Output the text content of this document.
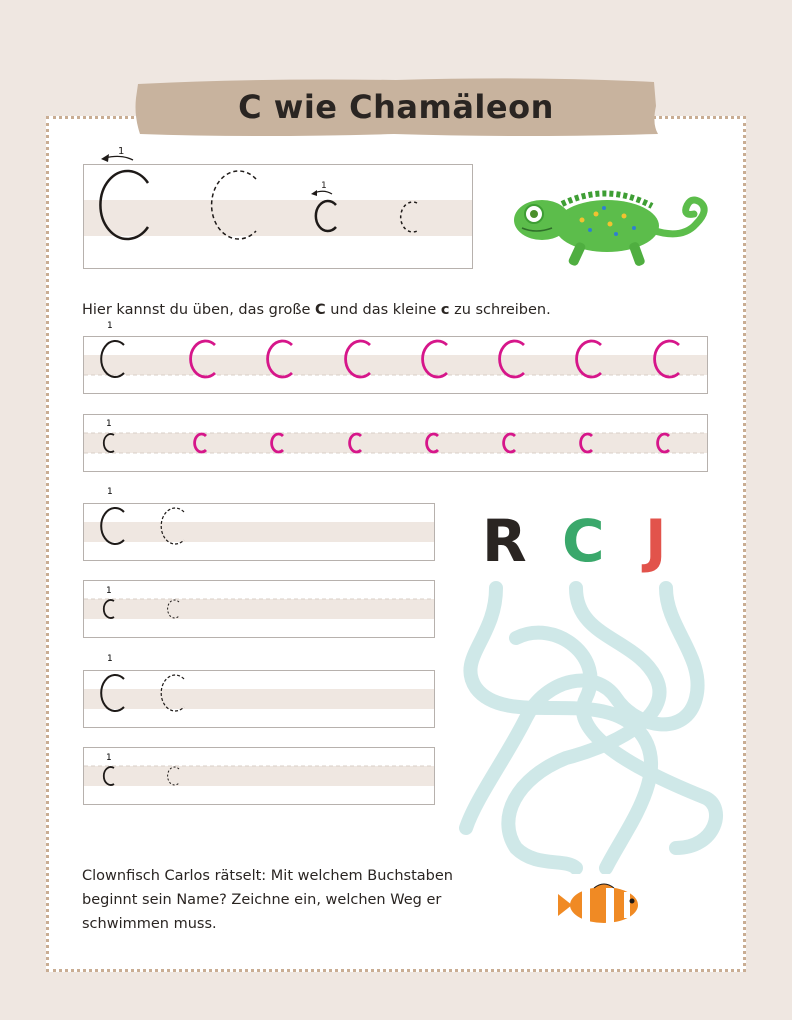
C wie Chamäleon
1
1
Hier kannst du üben, das große C und das kleine c zu schreiben.
1
1
1
1
1
1
R C J
Clownfisch Carlos rätselt: Mit welchem Buchstaben beginnt sein Name? Zeichne ein, welchen Weg er schwimmen muss.
